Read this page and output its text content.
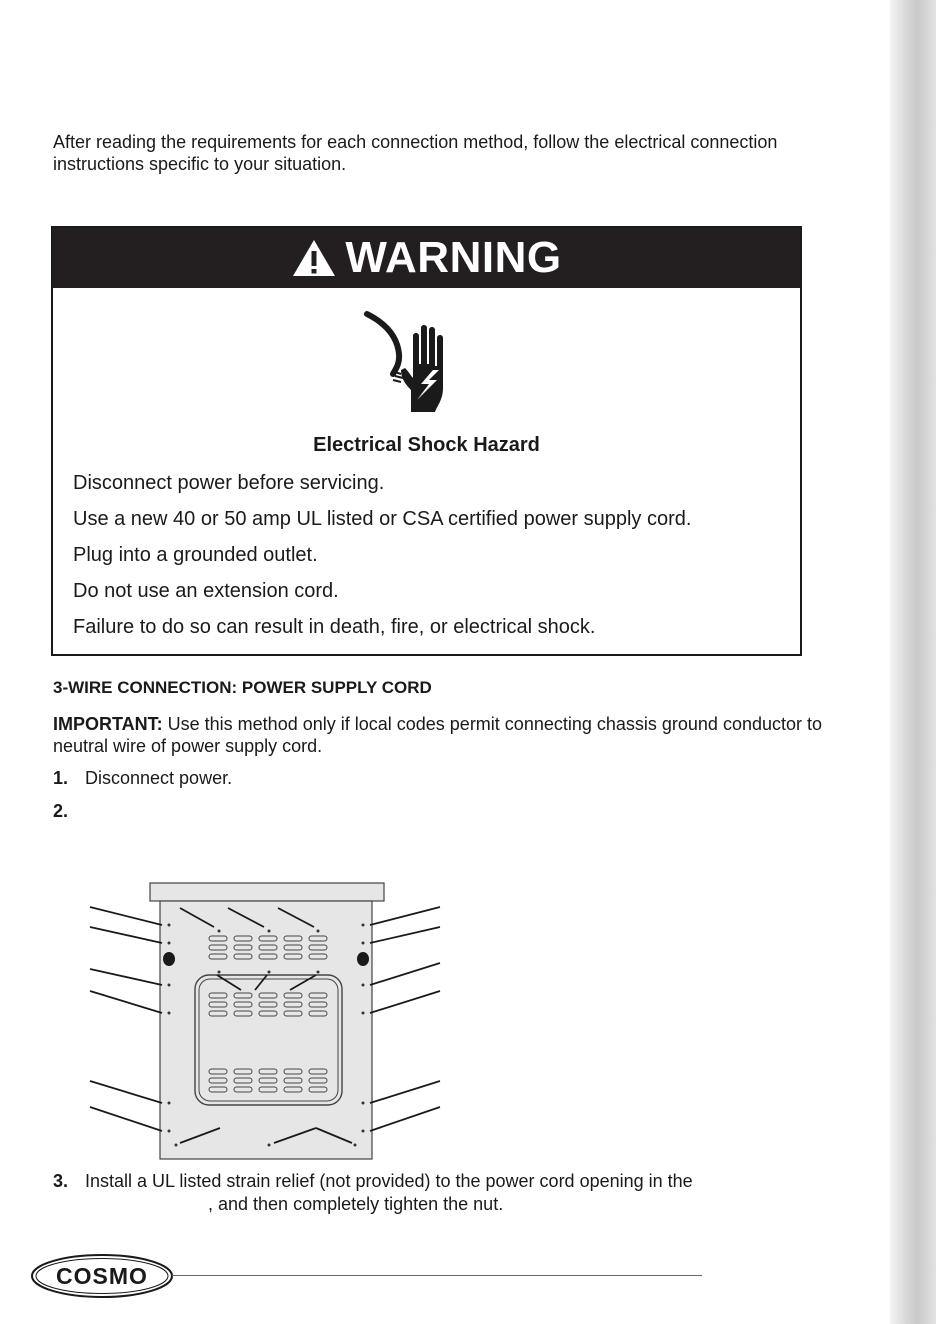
After reading the requirements for each connection method, follow the electrical connection instructions specific to your situation.
WARNING
Electrical Shock Hazard
Disconnect power before servicing.
Use a new 40 or 50 amp UL listed or CSA certified power supply cord.
Plug into a grounded outlet.
Do not use an extension cord.
Failure to do so can result in death, fire, or electrical shock.
3-WIRE CONNECTION: POWER SUPPLY CORD
IMPORTANT: Use this method only if local codes permit connecting chassis ground conductor to neutral wire of power supply cord.
1. Disconnect power.
2.
3. Install a UL listed strain relief (not provided) to the power cord opening in the
, and then completely tighten the nut.
COSMO
